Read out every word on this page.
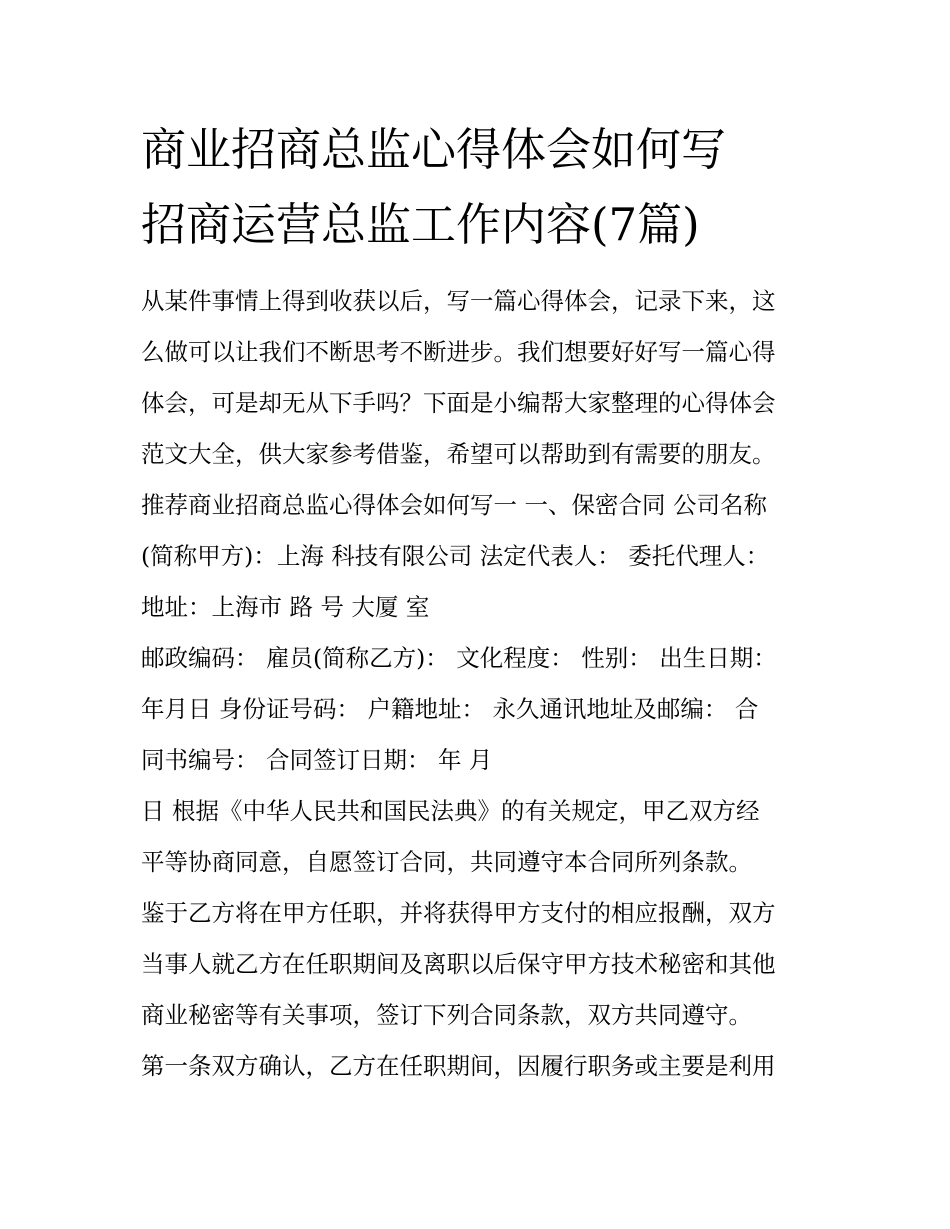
商业招商总监心得体会如何写
招商运营总监工作内容(7篇)
从某件事情上得到收获以后，写一篇心得体会，记录下来，这
么做可以让我们不断思考不断进步。我们想要好好写一篇心得
体会，可是却无从下手吗？下面是小编帮大家整理的心得体会
范文大全，供大家参考借鉴，希望可以帮助到有需要的朋友。
推荐商业招商总监心得体会如何写一 一、保密合同 公司名称
(简称甲方)：上海 科技有限公司 法定代表人： 委托代理人：
地址：上海市 路 号 大厦 室
邮政编码： 雇员(简称乙方)： 文化程度： 性别： 出生日期：
年月日 身份证号码： 户籍地址： 永久通讯地址及邮编： 合
同书编号： 合同签订日期： 年 月
日 根据《中华人民共和国民法典》的有关规定，甲乙双方经
平等协商同意，自愿签订合同，共同遵守本合同所列条款。
鉴于乙方将在甲方任职，并将获得甲方支付的相应报酬，双方
当事人就乙方在任职期间及离职以后保守甲方技术秘密和其他
商业秘密等有关事项，签订下列合同条款，双方共同遵守。
第一条双方确认，乙方在任职期间，因履行职务或主要是利用
